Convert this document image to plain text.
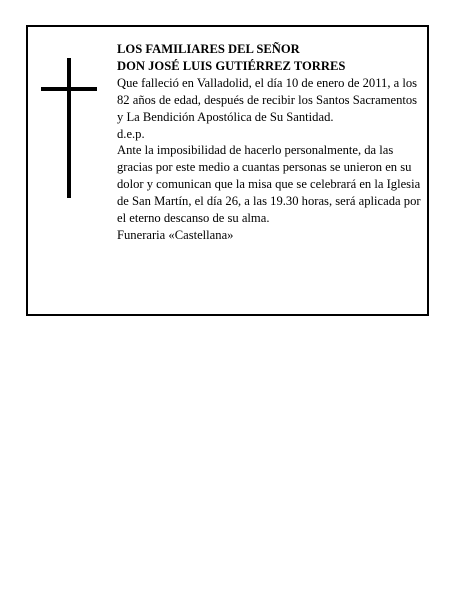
LOS FAMILIARES DEL SEÑOR

DON JOSÉ LUIS GUTIÉRREZ TORRES

Que falleció en Valladolid, el día 10 de enero de 2011, a los 82 años de edad, después de recibir los Santos Sacramentos y La Bendición Apostólica de Su Santidad.

d.e.p.

Ante la imposibilidad de hacerlo personalmente, da las gracias por este medio a cuantas personas se unieron en su dolor y comunican que la misa que se celebrará en la Iglesia de San Martín, el día 26, a las 19.30 horas, será aplicada por el eterno descanso de su alma.

Funeraria «Castellana»
